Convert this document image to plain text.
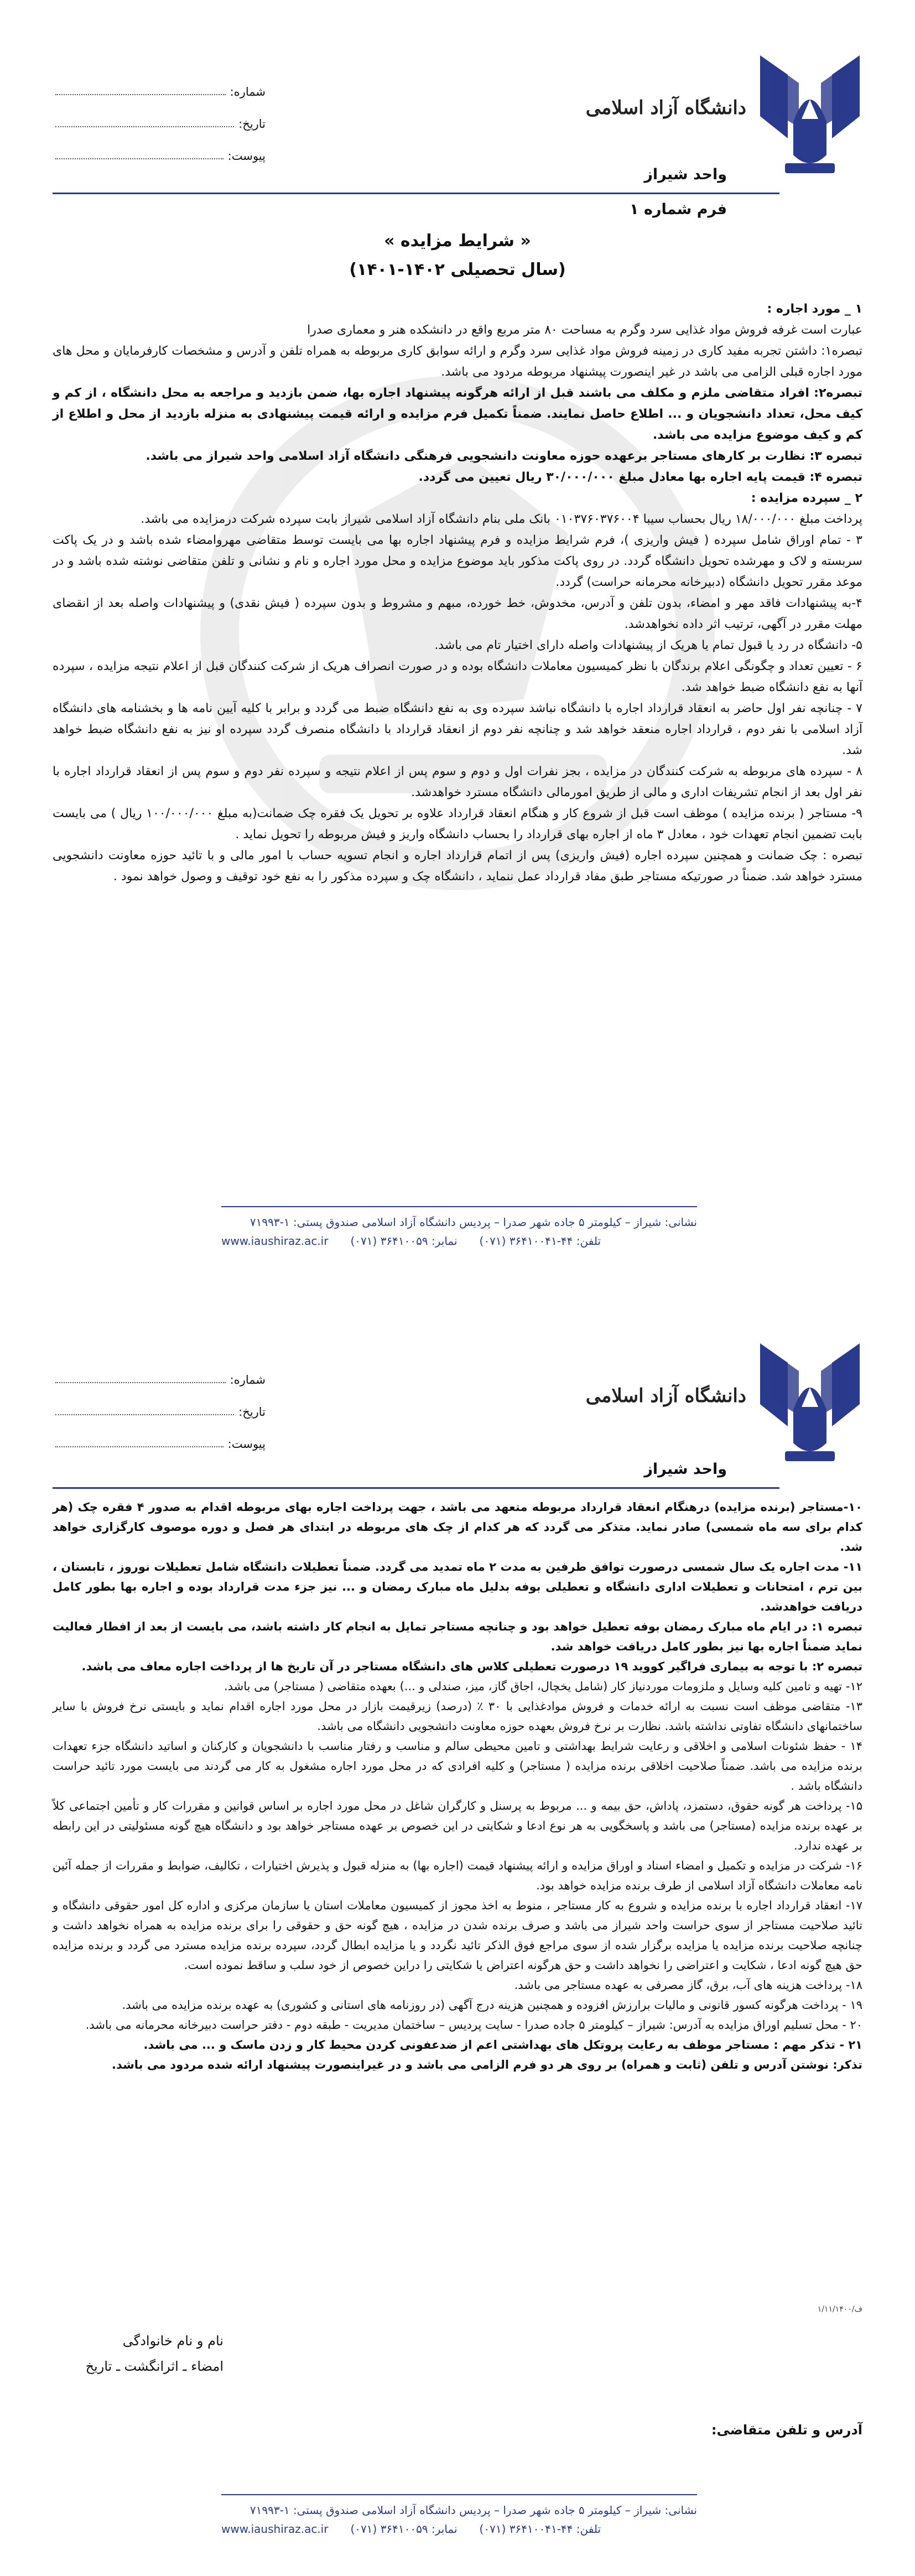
دانشگاه آزاد اسلامی
شماره:
تاریخ:
پیوست:
واحد شیراز
فرم شماره ۱
« شرایط مزایده »
(سال تحصیلی ۱۴۰۲-۱۴۰۱)

۱ _ مورد اجاره :

عبارت است غرفه فروش مواد غذایی سرد وگرم به مساحت ۸۰ متر مربع واقع در دانشکده هنر و معماری صدرا

تبصره۱: داشتن تجربه مفید کاری در زمینه فروش مواد غذایی سرد وگرم و ارائه سوابق کاری مربوطه به همراه تلفن و آدرس و مشخصات کارفرمایان و محل های مورد اجاره قبلی الزامی می باشد در غیر اینصورت پیشنهاد مربوطه مردود می باشد.

تبصره۲: افراد متقاضی ملزم و مکلف می باشند قبل از ارائه هرگونه پیشنهاد اجاره بها، ضمن بازدید و مراجعه به محل دانشگاه ، از کم و کیف محل، تعداد دانشجویان و ... اطلاع حاصل نمایند. ضمناً تکمیل فرم مزایده و ارائه قیمت پیشنهادی به منزله بازدید از محل و اطلاع از کم و کیف موضوع مزایده می باشد.

تبصره ۳: نظارت بر کارهای مستاجر برعهده حوزه معاونت دانشجویی فرهنگی دانشگاه آزاد اسلامی واحد شیراز می باشد.

تبصره ۴: قیمت پایه اجاره بها معادل مبلغ ۳۰/۰۰۰/۰۰۰ ریال تعیین می گردد.

۲ _ سپرده مزایده :

پرداخت مبلغ ۱۸/۰۰۰/۰۰۰ ریال بحساب سیبا ۰۱۰۳۷۶۰۳۷۶۰۰۴ بانک ملی بنام دانشگاه آزاد اسلامی شیراز بابت سپرده شرکت درمزایده می باشد.

۳ - تمام اوراق شامل سپرده ( فیش واریزی )، فرم شرایط مزایده و فرم پیشنهاد اجاره بها می بایست توسط متقاضی مهروامضاء شده باشد و در یک پاکت سربسته و لاک و مهرشده تحویل دانشگاه گردد. در روی پاکت مذکور باید موضوع مزایده و محل مورد اجاره و نام و نشانی و تلفن متقاضی نوشته شده باشد و در موعد مقرر تحویل دانشگاه (دبیرخانه محرمانه حراست) گردد.

۴-به پیشنهادات فاقد مهر و امضاء، بدون تلفن و آدرس، مخدوش، خط خورده، مبهم و مشروط و بدون سپرده ( فیش نقدی) و پیشنهادات واصله بعد از انقضای مهلت مقرر در آگهی، ترتیب اثر داده نخواهدشد.

۵- دانشگاه در رد یا قبول تمام یا هریک از پیشنهادات واصله دارای اختیار تام می باشد.

۶ - تعیین تعداد و چگونگی اعلام برندگان با نظر کمیسیون معاملات دانشگاه بوده و در صورت انصراف هریک از شرکت کنندگان قبل از اعلام نتیجه مزایده ، سپرده آنها به نفع دانشگاه ضبط خواهد شد.

۷ - چنانچه نفر اول حاضر به انعقاد قرارداد اجاره با دانشگاه نباشد سپرده وی به نفع دانشگاه ضبط می گردد و برابر با کلیه آیین نامه ها و بخشنامه های دانشگاه آزاد اسلامی با نفر دوم ، قرارداد اجاره منعقد خواهد شد و چنانچه نفر دوم از انعقاد قرارداد با دانشگاه منصرف گردد سپرده او نیز به نفع دانشگاه ضبط خواهد شد.

۸ - سپرده های مربوطه به شرکت کنندگان در مزایده ، بجز نفرات اول و دوم و سوم پس از اعلام نتیجه و سپرده نفر دوم و سوم پس از انعقاد قرارداد اجاره با نفر اول بعد از انجام تشریفات اداری و مالی از طریق امورمالی دانشگاه مسترد خواهدشد.

۹- مستاجر ( برنده مزایده ) موظف است قبل از شروع کار و هنگام انعقاد قرارداد علاوه بر تحویل یک فقره چک ضمانت(به مبلغ ۱۰۰/۰۰۰/۰۰۰ ریال ) می بایست بابت تضمین انجام تعهدات خود ، معادل ۳ ماه از اجاره بهای قرارداد را بحساب دانشگاه واریز و فیش مربوطه را تحویل نماید .

تبصره : چک ضمانت و همچنین سپرده اجاره (فیش واریزی) پس از اتمام قرارداد اجاره و انجام تسویه حساب با امور مالی و با تائید حوزه معاونت دانشجویی مسترد خواهد شد. ضمناً در صورتیکه مستاجر طبق مفاد قرارداد عمل ننماید ، دانشگاه چک و سپرده مذکور را به نفع خود توقیف و وصول خواهد نمود .

نشانی: شیراز – کیلومتر ۵ جاده شهر صدرا – پردیس دانشگاه آزاد اسلامی صندوق پستی: ۱-۷۱۹۹۳
www.iaushiraz.ac.ir نمابر: ۳۶۴۱۰۰۵۹ (۰۷۱) تلفن: ۴۴-۳۶۴۱۰۰۴۱ (۰۷۱)
دانشگاه آزاد اسلامی
شماره:
تاریخ:
پیوست:
واحد شیراز

۱۰-مستاجر (برنده مزایده) درهنگام انعقاد قرارداد مربوطه متعهد می باشد ، جهت پرداخت اجاره بهای مربوطه اقدام به صدور ۴ فقره چک (هر کدام برای سه ماه شمسی) صادر نماید. متذکر می گردد که هر کدام از چک های مربوطه در ابتدای هر فصل و دوره موصوف کارگزاری خواهد شد.

۱۱- مدت اجاره یک سال شمسی درصورت توافق طرفین به مدت ۲ ماه تمدید می گردد. ضمناً تعطیلات دانشگاه شامل تعطیلات نوروز ، تابستان ، بین ترم ، امتحانات و تعطیلات اداری دانشگاه و تعطیلی بوفه بدلیل ماه مبارک رمضان و ... نیز جزء مدت قرارداد بوده و اجاره بها بطور کامل دریافت خواهدشد.

تبصره ۱: در ایام ماه مبارک رمضان بوفه تعطیل خواهد بود و چنانچه مستاجر تمایل به انجام کار داشته باشد، می بایست از بعد از افطار فعالیت نماید ضمناً اجاره بها نیز بطور کامل دریافت خواهد شد.

تبصره ۲: با توجه به بیماری فراگیر کووید ۱۹ درصورت تعطیلی کلاس های دانشگاه مستاجر در آن تاریخ ها از پرداخت اجاره معاف می باشد.

۱۲- تهیه و تامین کلیه وسایل و ملزومات موردنیاز کار (شامل یخچال، اجاق گاز، میز، صندلی و ...) بعهده متقاضی ( مستاجر) می باشد.

۱۳- متقاضی موظف است نسبت به ارائه خدمات و فروش موادغذایی با ۳۰ ٪ (درصد) زیرقیمت بازار در محل مورد اجاره اقدام نماید و بایستی نرخ فروش با سایر ساختمانهای دانشگاه تفاوتی نداشته باشد. نظارت بر نرخ فروش بعهده حوزه معاونت دانشجویی دانشگاه می باشد.

۱۴ - حفظ شئونات اسلامی و اخلاقی و رعایت شرایط بهداشتی و تامین محیطی سالم و مناسب و رفتار مناسب با دانشجویان و کارکنان و اساتید دانشگاه جزء تعهدات برنده مزایده می باشد. ضمناً صلاحیت اخلاقی برنده مزایده ( مستاجر) و کلیه افرادی که در محل مورد اجاره مشغول به کار می گردند می بایست مورد تائید حراست دانشگاه باشد .

۱۵- پرداخت هر گونه حقوق، دستمزد، پاداش، حق بیمه و ... مربوط به پرسنل و کارگران شاغل در محل مورد اجاره بر اساس قوانین و مقررات کار و تأمین اجتماعی کلاً بر عهده برنده مزایده (مستاجر) می باشد و پاسخگویی به هر نوع ادعا و شکایتی در این خصوص بر عهده مستاجر خواهد بود و دانشگاه هیچ گونه مسئولیتی در این رابطه بر عهده ندارد.

۱۶- شرکت در مزایده و تکمیل و امضاء اسناد و اوراق مزایده و ارائه پیشنهاد قیمت (اجاره بها) به منزله قبول و پذیرش اختیارات ، تکالیف، ضوابط و مقررات از جمله آئین نامه معاملات دانشگاه آزاد اسلامی از طرف برنده مزایده خواهد بود.

۱۷- انعقاد قرارداد اجاره با برنده مزایده و شروع به کار مستاجر ، منوط به اخذ مجوز از کمیسیون معاملات استان یا سازمان مرکزی و اداره کل امور حقوقی دانشگاه و تائید صلاحیت مستاجر از سوی حراست واحد شیراز می باشد و صرف برنده شدن در مزایده ، هیچ گونه حق و حقوقی را برای برنده مزایده به همراه نخواهد داشت و چنانچه صلاحیت برنده مزایده یا مزایده برگزار شده از سوی مراجع فوق الذکر تائید نگردد و یا مزایده ابطال گردد، سپرده برنده مزایده مسترد می گردد و برنده مزایده حق هیچ گونه ادعا ، شکایت و اعتراضی را نخواهد داشت و حق هرگونه اعتراض یا شکایتی را دراین خصوص از خود سلب و ساقط نموده است.

۱۸- پرداخت هزینه های آب، برق، گاز مصرفی به عهده مستاجر می باشد.

۱۹ - پرداخت هرگونه کسور قانونی و مالیات برارزش افزوده و همچنین هزینه درج آگهی (در روزنامه های استانی و کشوری) به عهده برنده مزایده می باشد.

۲۰ - محل تسلیم اوراق مزایده به آدرس: شیراز – کیلومتر ۵ جاده صدرا - سایت پردیس – ساختمان مدیریت - طبقه دوم - دفتر حراست دبیرخانه محرمانه می باشد.

۲۱ - تذکر مهم : مستاجر موظف به رعایت پروتکل های بهداشتی اعم از ضدعفونی کردن محیط کار و زدن ماسک و ... می باشد.

تذکر: نوشتن آدرس و تلفن (ثابت و همراه) بر روی هر دو فرم الزامی می باشد و در غیراینصورت پیشنهاد ارائه شده مردود می باشد.

ف/۱/۱۱/۱۴۰۰
نام و نام خانوادگی
امضاء ـ اثرانگشت ـ تاریخ
آدرس و تلفن متقاضی:
نشانی: شیراز – کیلومتر ۵ جاده شهر صدرا – پردیس دانشگاه آزاد اسلامی صندوق پستی: ۱-۷۱۹۹۳
www.iaushiraz.ac.ir نمابر: ۳۶۴۱۰۰۵۹ (۰۷۱) تلفن: ۴۴-۳۶۴۱۰۰۴۱ (۰۷۱)
